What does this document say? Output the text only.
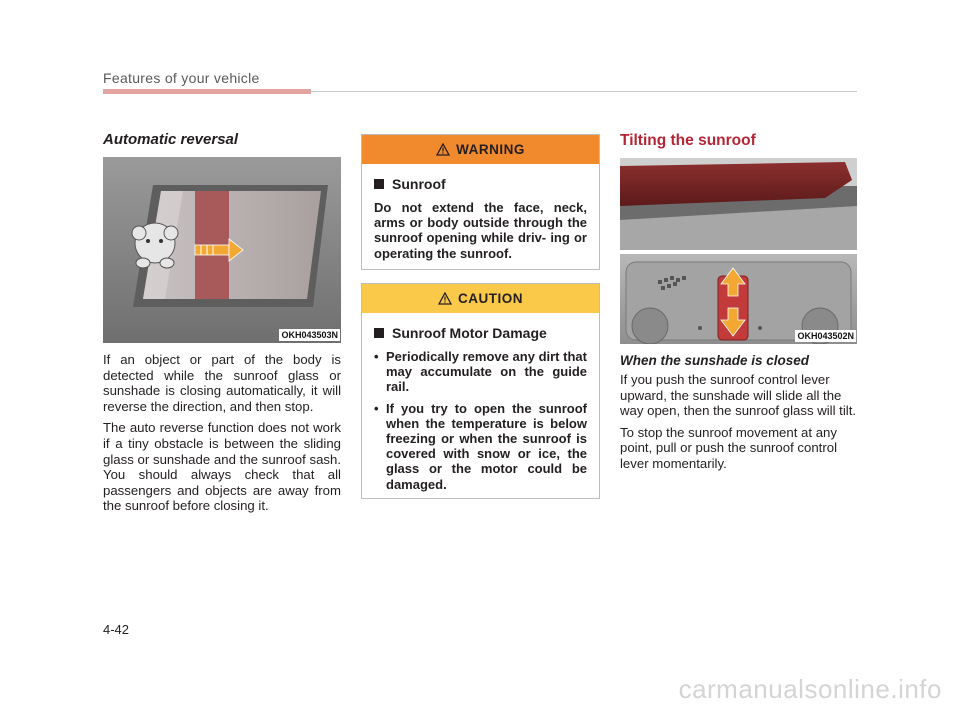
Features of your vehicle
Automatic reversal
OKH043503N

If an object or part of the body is detected while the sunroof glass or sunshade is closing automatically, it will reverse the direction, and then stop.

The auto reverse function does not work if a tiny obstacle is between the sliding glass or sunshade and the sunroof sash. You should always check that all passengers and objects are away from the sunroof before closing it.

WARNING
Sunroof
Do not extend the face, neck, arms or body outside through the sunroof opening while driv- ing or operating the sunroof.
CAUTION
Sunroof Motor Damage
• Periodically remove any dirt that may accumulate on the guide rail.
• If you try to open the sunroof when the temperature is below freezing or when the sunroof is covered with snow or ice, the glass or the motor could be damaged.
Tilting the sunroof
OKH043502N
When the sunshade is closed

If you push the sunroof control lever upward, the sunshade will slide all the way open, then the sunroof glass will tilt.

To stop the sunroof movement at any point, pull or push the sunroof control lever momentarily.

4-42
carmanualsonline.info
